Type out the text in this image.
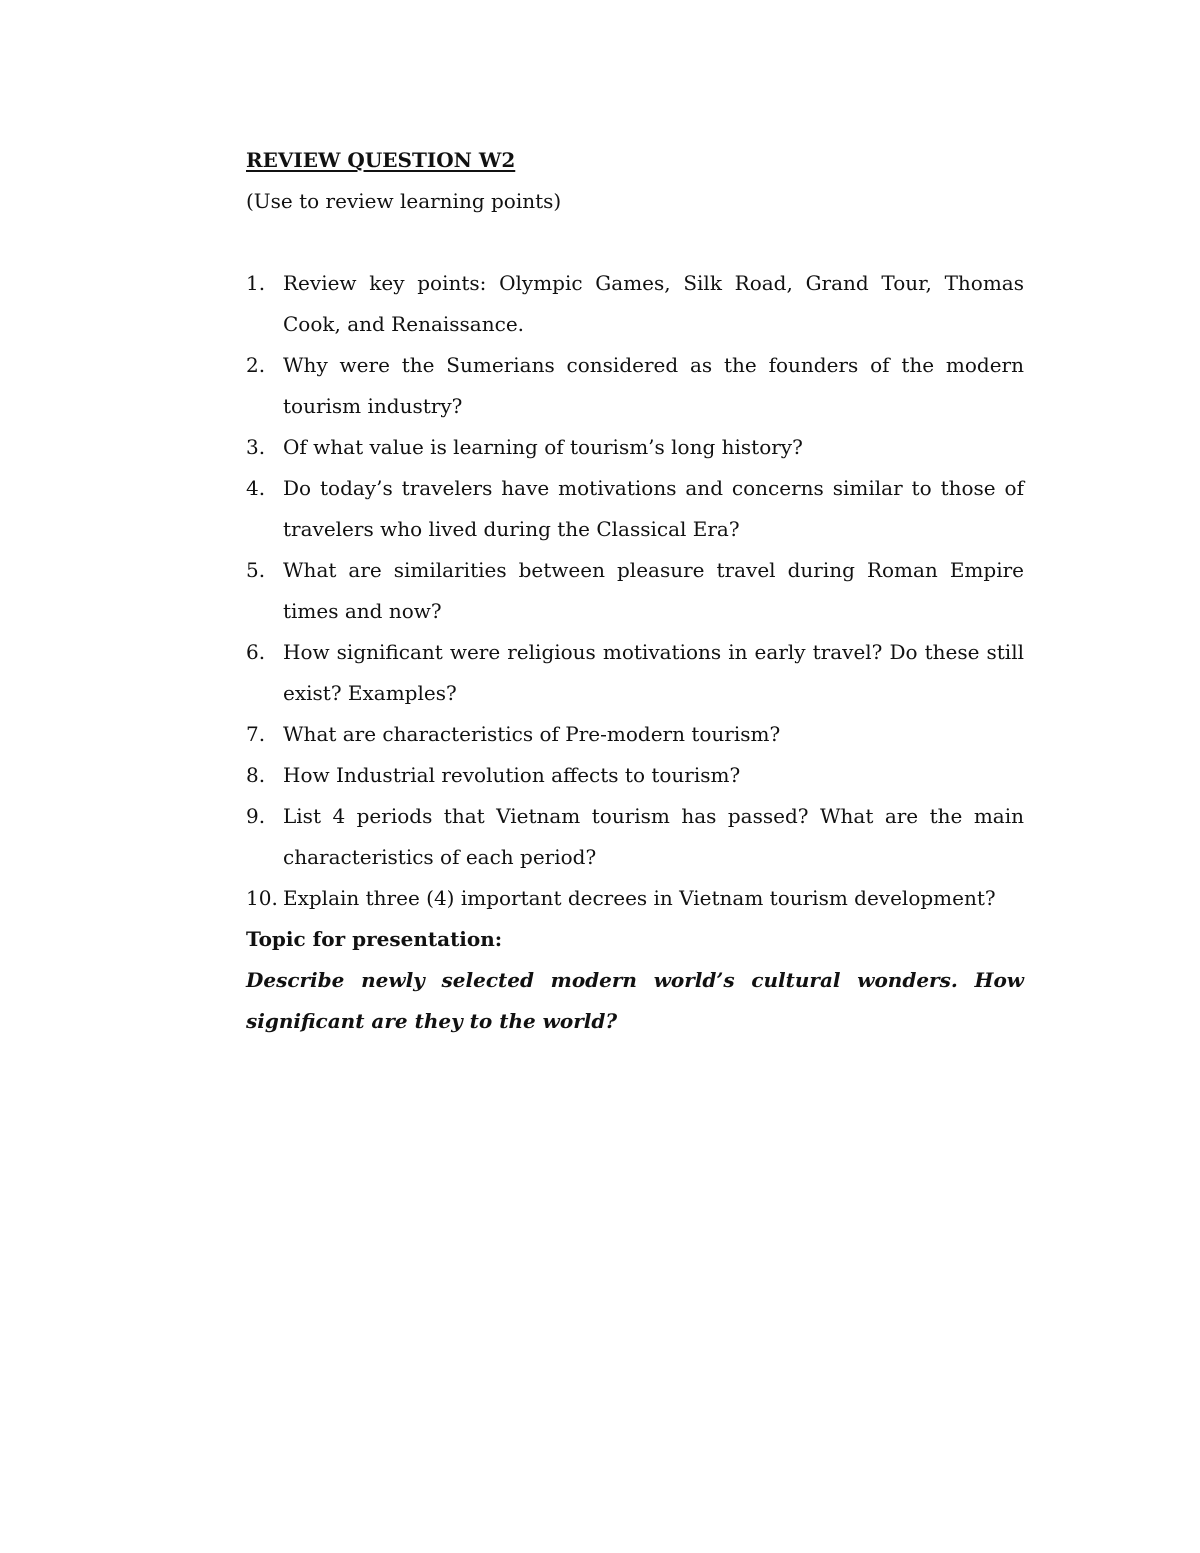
REVIEW QUESTION W2

(Use to review learning points)

1. Review key points: Olympic Games, Silk Road, Grand Tour, Thomas Cook, and Renaissance.
2. Why were the Sumerians considered as the founders of the modern tourism industry?
3. Of what value is learning of tourism’s long history?
4. Do today’s travelers have motivations and concerns similar to those of travelers who lived during the Classical Era?
5. What are similarities between pleasure travel during Roman Empire times and now?
6. How significant were religious motivations in early travel? Do these still exist? Examples?
7. What are characteristics of Pre-modern tourism?
8. How Industrial revolution affects to tourism?
9. List 4 periods that Vietnam tourism has passed? What are the main characteristics of each period?
10. Explain three (4) important decrees in Vietnam tourism development?

Topic for presentation:

Describe newly selected modern world’s cultural wonders. How significant are they to the world?
